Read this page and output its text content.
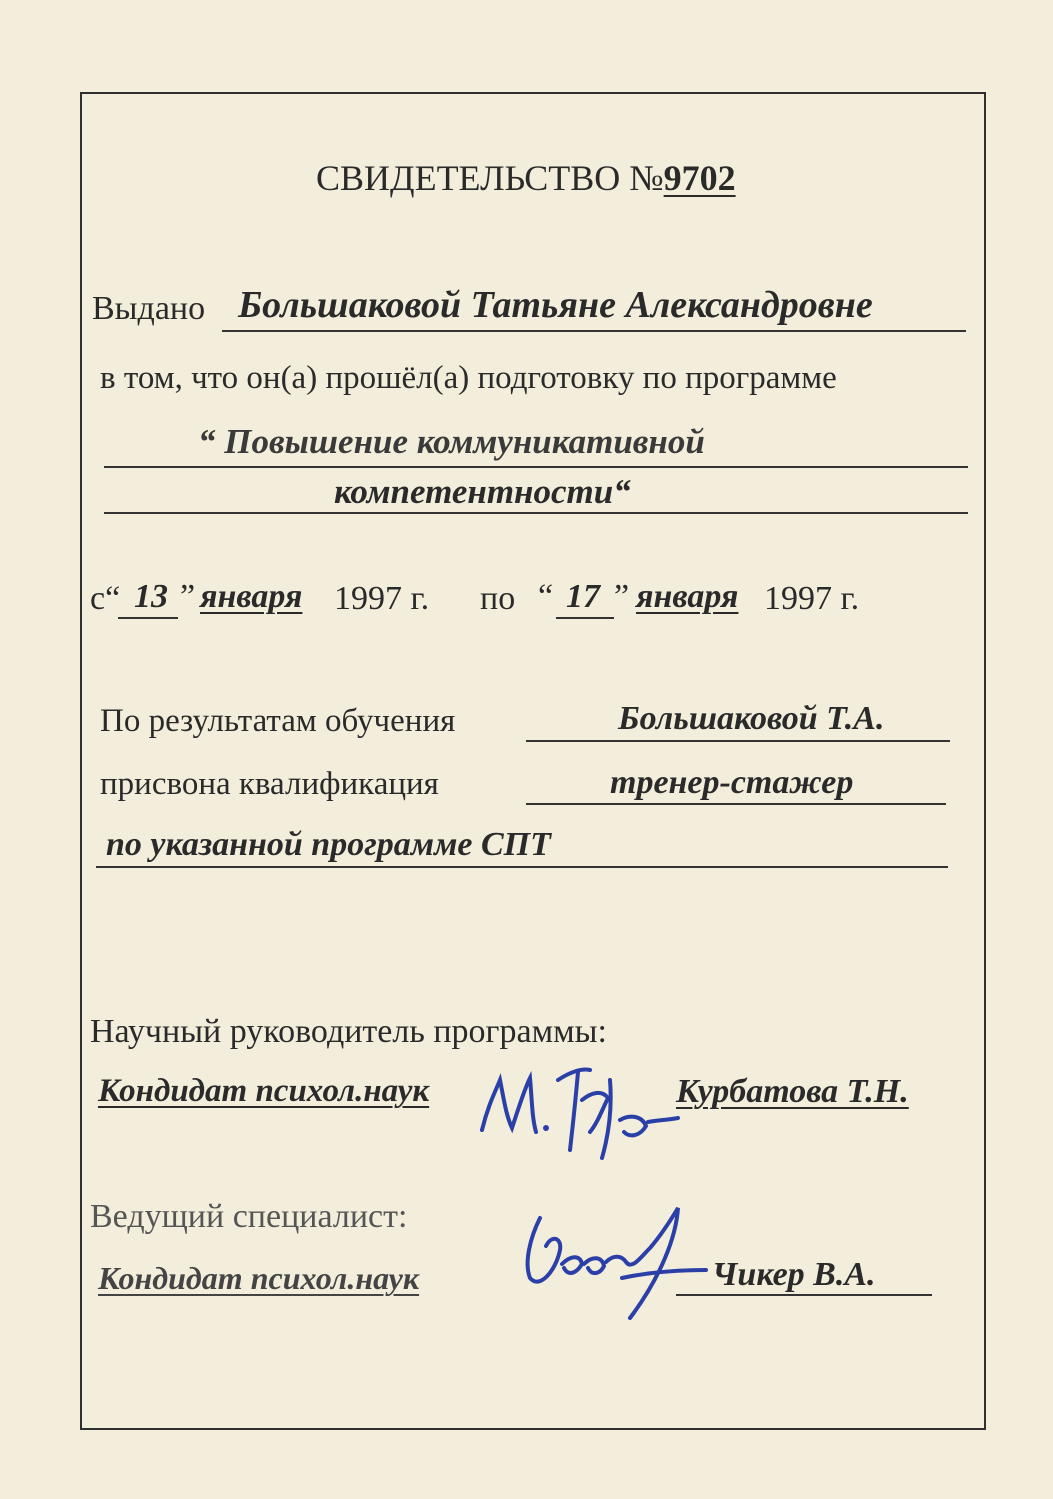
СВИДЕТЕЛЬСТВО №9702
Выдано Большаковой Татьяне Александровне
в том, что он(а) прошёл(а) подготовку по программе
“ Повышение коммуникативной
компетентности“
с“ 13 ” января 1997 г. по “ 17 ” января 1997 г.
По результатам обучения	Большаковой Т.А.
присвона квалификация	тренер-стажер
по указанной программе СПТ
Научный руководитель программы:
Кондидат психол.наук	Курбатова Т.Н.
Ведущий специалист:
Кондидат психол.наук	Чикер В.А.
